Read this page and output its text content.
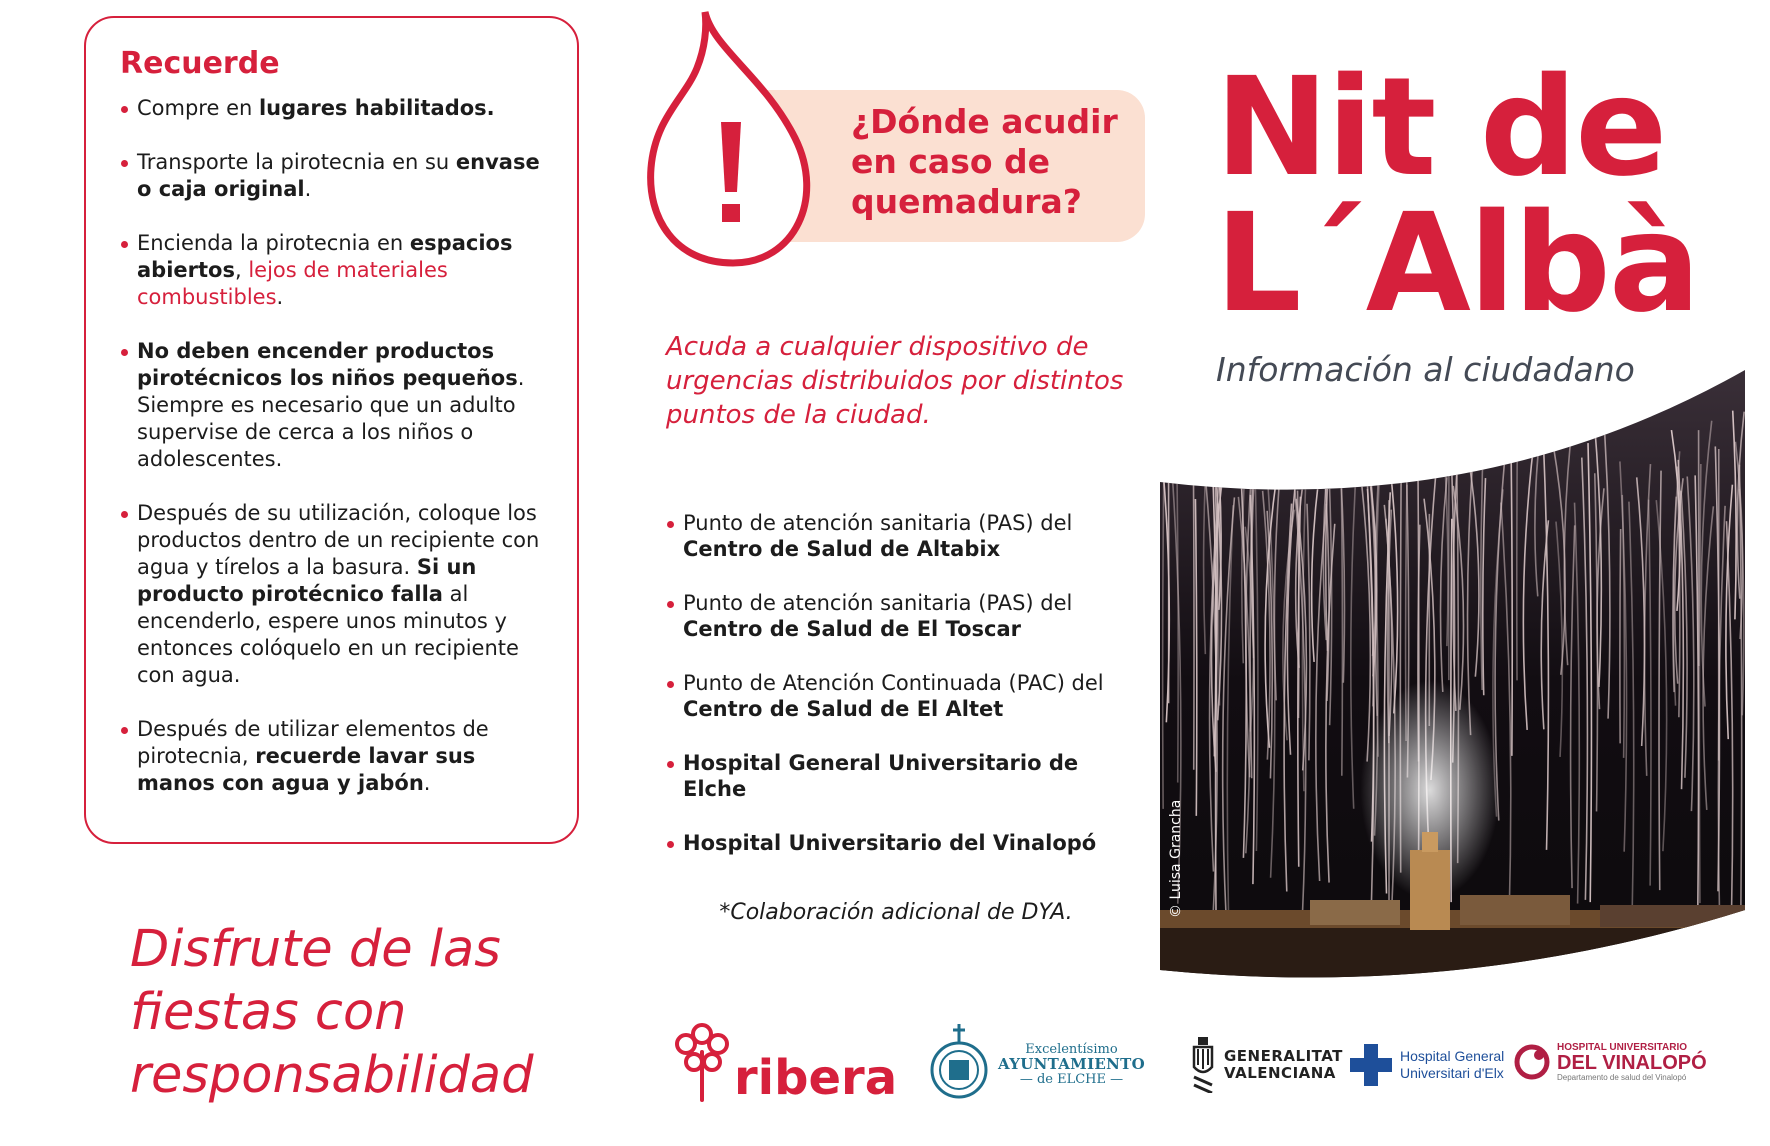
Recuerde
Compre en lugares habilitados.
Transporte la pirotecnia en su envase o caja original.
Encienda la pirotecnia en espacios abiertos, lejos de materiales combustibles.
No deben encender productos pirotécnicos los niños pequeños. Siempre es necesario que un adulto supervise de cerca a los niños o adolescentes.
Después de su utilización, coloque los productos dentro de un recipiente con agua y tírelos a la basura. Si un producto pirotécnico falla al encenderlo, espere unos minutos y entonces colóquelo en un recipiente con agua.
Después de utilizar elementos de pirotecnia, recuerde lavar sus manos con agua y jabón.
Disfrute de las fiestas con responsabilidad
¿Dónde acudir en caso de quemadura?
Acuda a cualquier dispositivo de urgencias distribuidos por distintos puntos de la ciudad.
Punto de atención sanitaria (PAS) del Centro de Salud de Altabix
Punto de atención sanitaria (PAS) del Centro de Salud de El Toscar
Punto de Atención Continuada (PAC) del Centro de Salud de El Altet
Hospital General Universitario de Elche
Hospital Universitario del Vinalopó
*Colaboración adicional de DYA.
Nit de
L´Albà
Información al ciudadano
© Luisa Grancha
ribera
Excelentísimo
AYUNTAMIENTO
— de ELCHE —
GENERALITAT
VALENCIANA
Hospital General
Universitari d'Elx
HOSPITAL UNIVERSITARIO
DEL VINALOPÓ
Departamento de salud del Vinalopó
